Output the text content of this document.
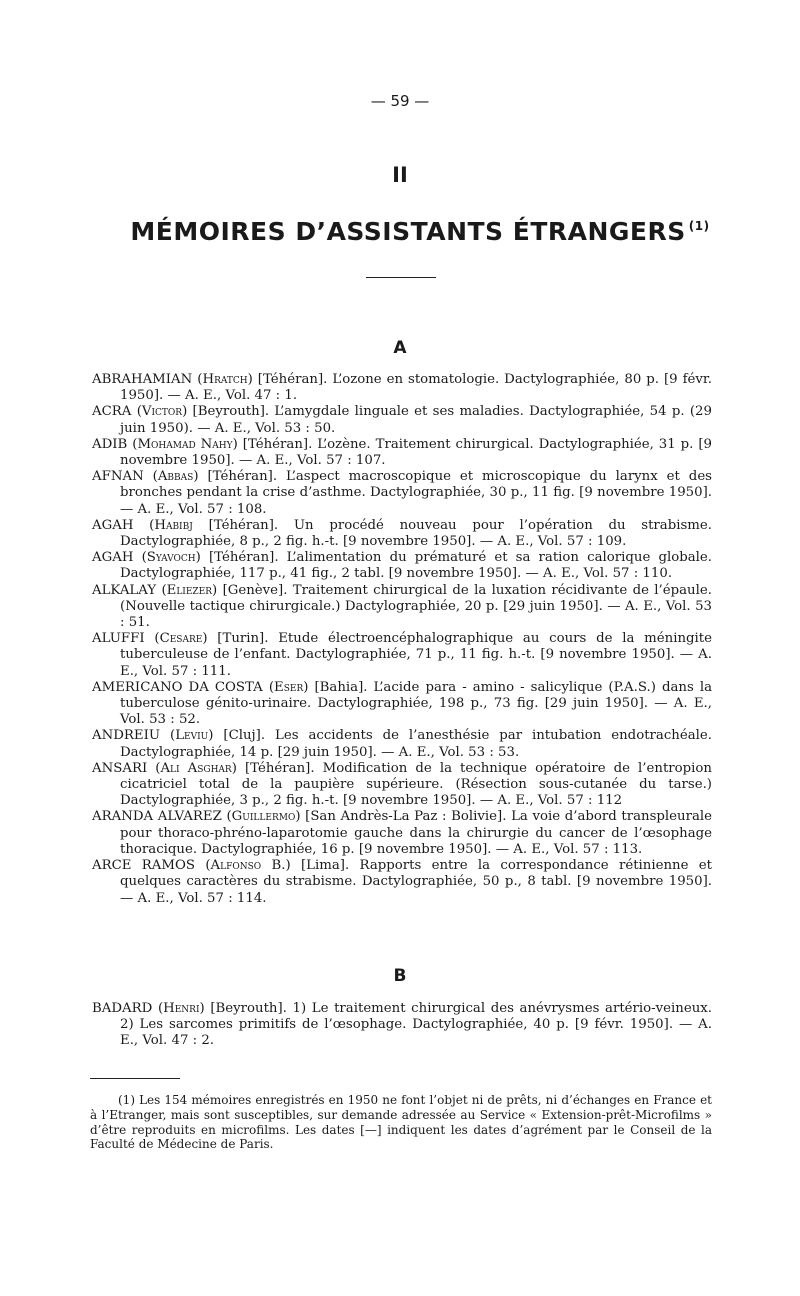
— 59 —
II
MÉMOIRES D’ASSISTANTS ÉTRANGERS $^{(1)}$
A
ABRAHAMIAN (Hratch) [Téhéran]. L’ozone en stomatologie. Dactylographiée, 80 p. [9 févr. 1950]. — A. E., Vol. 47 : 1.
ACRA (Victor) [Beyrouth]. L’amygdale linguale et ses maladies. Dactylographiée, 54 p. (29 juin 1950). — A. E., Vol. 53 : 50.
ADIB (Mohamad Nahy) [Téhéran]. L’ozène. Traitement chirurgical. Dactylographiée, 31 p. [9 novembre 1950]. — A. E., Vol. 57 : 107.
AFNAN (Abbas) [Téhéran]. L’aspect macroscopique et microscopique du larynx et des bronches pendant la crise d’asthme. Dactylographiée, 30 p., 11 fig. [9 novembre 1950]. — A. E., Vol. 57 : 108.
AGAH (Habibj [Téhéran]. Un procédé nouveau pour l’opération du strabisme. Dactylographiée, 8 p., 2 fig. h.-t. [9 novembre 1950]. — A. E., Vol. 57 : 109.
AGAH (Syavoch) [Téhéran]. L’alimentation du prématuré et sa ration calorique globale. Dactylographiée, 117 p., 41 fig., 2 tabl. [9 novembre 1950]. — A. E., Vol. 57 : 110.
ALKALAY (Eliezer) [Genève]. Traitement chirurgical de la luxation récidivante de l’épaule. (Nouvelle tactique chirurgicale.) Dactylographiée, 20 p. [29 juin 1950]. — A. E., Vol. 53 : 51.
ALUFFI (Cesare) [Turin]. Etude électroencéphalographique au cours de la méningite tuberculeuse de l’enfant. Dactylographiée, 71 p., 11 fig. h.-t. [9 novembre 1950]. — A. E., Vol. 57 : 111.
AMERICANO DA COSTA (Eser) [Bahia]. L’acide para - amino - salicylique (P.A.S.) dans la tuberculose génito-urinaire. Dactylographiée, 198 p., 73 fig. [29 juin 1950]. — A. E., Vol. 53 : 52.
ANDREIU (Leviu) [Cluj]. Les accidents de l’anesthésie par intubation endotrachéale. Dactylographiée, 14 p. [29 juin 1950]. — A. E., Vol. 53 : 53.
ANSARI (Ali Asghar) [Téhéran]. Modification de la technique opératoire de l’entropion cicatriciel total de la paupière supérieure. (Résection sous-cutanée du tarse.) Dactylographiée, 3 p., 2 fig. h.-t. [9 novembre 1950]. — A. E., Vol. 57 : 112
ARANDA ALVAREZ (Guillermo) [San Andrès-La Paz : Bolivie]. La voie d’abord transpleurale pour thoraco-phréno-laparotomie gauche dans la chirurgie du cancer de l’œsophage thoracique. Dactylographiée, 16 p. [9 novembre 1950]. — A. E., Vol. 57 : 113.
ARCE RAMOS (Alfonso B.) [Lima]. Rapports entre la correspondance rétinienne et quelques caractères du strabisme. Dactylographiée, 50 p., 8 tabl. [9 novembre 1950]. — A. E., Vol. 57 : 114.
B
BADARD (Henri) [Beyrouth]. 1) Le traitement chirurgical des anévrysmes artério-veineux. 2) Les sarcomes primitifs de l’œsophage. Dactylographiée, 40 p. [9 févr. 1950]. — A. E., Vol. 47 : 2.
(1) Les 154 mémoires enregistrés en 1950 ne font l’objet ni de prêts, ni d’échanges en France et à l’Etranger, mais sont susceptibles, sur demande adressée au Service « Extension-prêt-Microfilms » d’être reproduits en microfilms. Les dates [—] indiquent les dates d’agrément par le Conseil de la Faculté de Médecine de Paris.
